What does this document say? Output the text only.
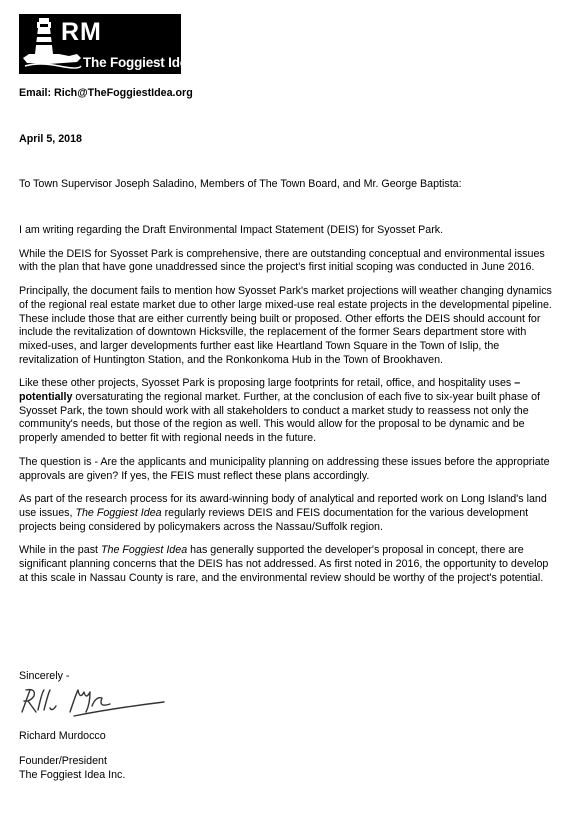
RM
The Foggiest Idea
Email: Rich@TheFoggiestIdea.org
April 5, 2018
To Town Supervisor Joseph Saladino, Members of The Town Board, and Mr. George Baptista:

I am writing regarding the Draft Environmental Impact Statement (DEIS) for Syosset Park.

While the DEIS for Syosset Park is comprehensive, there are outstanding conceptual and environmental issues with the plan that have gone unaddressed since the project's first initial scoping was conducted in June 2016.

Principally, the document fails to mention how Syosset Park's market projections will weather changing dynamics of the regional real estate market due to other large mixed-use real estate projects in the developmental pipeline. These include those that are either currently being built or proposed. Other efforts the DEIS should account for include the revitalization of downtown Hicksville, the replacement of the former Sears department store with mixed-uses, and larger developments further east like Heartland Town Square in the Town of Islip, the revitalization of Huntington Station, and the Ronkonkoma Hub in the Town of Brookhaven.

Like these other projects, Syosset Park is proposing large footprints for retail, office, and hospitality uses – potentially oversaturating the regional market. Further, at the conclusion of each five to six-year built phase of Syosset Park, the town should work with all stakeholders to conduct a market study to reassess not only the community's needs, but those of the region as well. This would allow for the proposal to be dynamic and be properly amended to better fit with regional needs in the future.

The question is - Are the applicants and municipality planning on addressing these issues before the appropriate approvals are given? If yes, the FEIS must reflect these plans accordingly.

As part of the research process for its award-winning body of analytical and reported work on Long Island's land use issues, The Foggiest Idea regularly reviews DEIS and FEIS documentation for the various development projects being considered by policymakers across the Nassau/Suffolk region.

While in the past The Foggiest Idea has generally supported the developer's proposal in concept, there are significant planning concerns that the DEIS has not addressed. As first noted in 2016, the opportunity to develop at this scale in Nassau County is rare, and the environmental review should be worthy of the project's potential.

Sincerely -
Richard Murdocco
Founder/President
The Foggiest Idea Inc.
